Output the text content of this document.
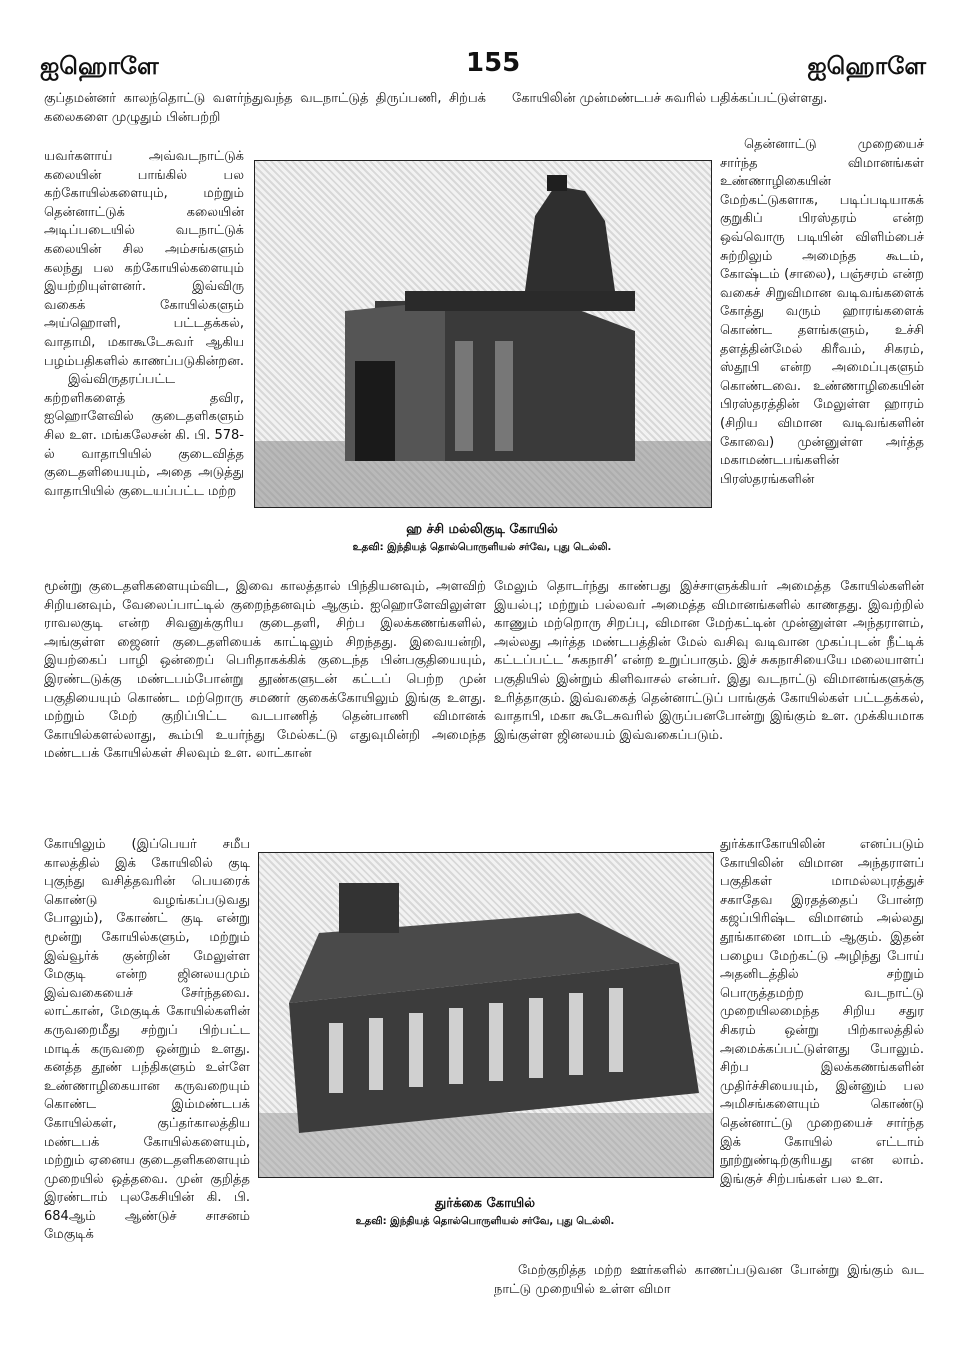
ஐஹொளே	155	ஐஹொளே

குப்தமன்னர் காலந்தொட்டு வளர்ந்துவந்த வடநாட்டுத் திருப்பணி, சிற்பக் கலைகளை முழுதும் பின்பற்றி

கோயிலின் முன்மண்டபச் சுவரில் பதிக்கப்பட்டுள்ளது.

யவர்களாய் அவ்வடநாட்டுக் கலையின் பாங்கில் பல கற்கோயில்களையும், மற்றும் தென்னாட்டுக் கலையின் அடிப்படையில் வடநாட்டுக் கலையின் சில அம்சங்களும் கலந்து பல கற்கோயில்களையும் இயற்றியுள்ளனர். இவ்விரு வகைக் கோயில்களும் அய்ஹொளி, பட்டதக்கல், வாதாமி, மகாகூடேசுவர் ஆகிய பழம்பதிகளில் காணப்படுகின்றன.

இவ்விருதரப்பட்ட கற்றளிகளைத் தவிர, ஐஹொளேவில் குடைதளிகளும் சில உள. மங்கலேசன் கி. பி. 578-ல் வாதாபியில் குடைவித்த குடைதளியையும், அதை அடுத்து வாதாபியில் குடையப்பட்ட மற்ற

தென்னாட்டு முறையைச் சார்ந்த விமானங்கள் உண்ணாழிகையின் மேற்கட்டுகளாக, படிப்படியாகக் குறுகிப் பிரஸ்தரம் என்ற ஒவ்வொரு படியின் விளிம்பைச் சுற்றிலும் அமைந்த கூடம், கோஷ்டம் (சாலை), பஞ்சரம் என்ற வகைச் சிறுவிமான வடிவங்களைக் கோத்து வரும் ஹாரங்களைக் கொண்ட தளங்களும், உச்சி தளத்தின்மேல் கிரீவம், சிகரம், ஸ்தூபி என்ற அமைப்புகளும் கொண்டவை. உண்ணாழிகையின் பிரஸ்தரத்தின் மேலுள்ள ஹாரம் (சிறிய விமான வடிவங்களின் கோவை) முன்னுள்ள அர்த்த மகாமண்டபங்களின் பிரஸ்தரங்களின்

ஹ ச்சி மல்லிகுடி கோயில்

உதவி: இந்தியத் தொல்பொருளியல் சர்வே, புது டெல்லி.

மூன்று குடைதளிகளையும்விட, இவை காலத்தால் பிந்தியனவும், அளவிற் சிறியனவும், வேலைப்பாட்டில் குறைந்தனவும் ஆகும். ஐஹொளேவிலுள்ள ராவலகுடி என்ற சிவனுக்குரிய குடைதளி, சிற்ப இலக்கணங்களில், அங்குள்ள ஜைனர் குடைதளியைக் காட்டிலும் சிறந்தது. இவையன்றி, இயற்கைப் பாழி ஒன்றைப் பெரிதாகக்கிக் குடைந்த பின்பகுதியையும், இரண்டடுக்கு மண்டபம்போன்று தூண்களுடன் கட்டப் பெற்ற முன் பகுதியையும் கொண்ட மற்றொரு சமணர் குகைக்கோயிலும் இங்கு உளது. மற்றும் மேற் குறிப்பிட்ட வடபாணித் தென்பாணி விமானக் கோயில்களல்லாது, கூம்பி உயர்ந்து மேல்கட்டு எதுவுமின்றி அமைந்த மண்டபக் கோயில்கள் சிலவும் உள. லாட்கான்

மேலும் தொடர்ந்து காண்பது இச்சாளுக்கியர் அமைத்த கோயில்களின் இயல்பு; மற்றும் பல்லவர் அமைத்த விமானங்களில் காணதது. இவற்றில் காணும் மற்றொரு சிறப்பு, விமான மேற்கட்டின் முன்னுள்ள அந்தராளம், அல்லது அர்த்த மண்டபத்தின் மேல் வசிவு வடிவான முகப்புடன் நீட்டிக் கட்டப்பட்ட ‘சுகநாசி’ என்ற உறுப்பாகும். இச் சுகநாசியையே மலையாளப் பகுதியில் இன்றும் கிளிவாசல் என்பர். இது வடநாட்டு விமானங்களுக்கு உரித்தாகும். இவ்வகைத் தென்னாட்டுப் பாங்குக் கோயில்கள் பட்டதக்கல், வாதாபி, மகா கூடேசுவரில் இருப்பனபோன்று இங்கும் உள. முக்கியமாக இங்குள்ள ஜினலயம் இவ்வகைப்படும்.

கோயிலும் (இப்பெயர் சமீப காலத்தில் இக் கோயிலில் குடி புகுந்து வசித்தவரின் பெயரைக் கொண்டு வழங்கப்படுவது போலும்), கோண்ட் குடி என்று மூன்று கோயில்களும், மற்றும் இவ்வூர்க் குன்றின் மேலுள்ள மேகுடி என்ற ஜினலயமும் இவ்வகையைச் சேர்ந்தவை. லாட்கான், மேகுடிக் கோயில்களின் கருவறைமீது சற்றுப் பிற்பட்ட மாடிக் கருவறை ஒன்றும் உளது. கனத்த தூண் பந்திகளும் உள்ளே உண்ணாழிகையான கருவறையும் கொண்ட இம்மண்டபக் கோயில்கள், குப்தர்காலத்திய மண்டபக் கோயில்களையும், மற்றும் ஏனைய குடைதளிகளையும் முறையில் ஒத்தவை. முன் குறித்த இரண்டாம் புலகேசியின் கி. பி. 684ஆம் ஆண்டுச் சாசனம் மேகுடிக்

துர்க்கை கோயில்

உதவி: இந்தியத் தொல்பொருளியல் சர்வே, புது டெல்லி.

துர்க்காகோயிலின் எனப்படும் கோயிலின் விமான அந்தராளப் பகுதிகள் மாமல்லபுரத்துச் சகாதேவ இரதத்தைப் போன்ற கஜப்பிரிஷ்ட விமானம் அல்லது தூங்கானை மாடம் ஆகும். இதன் பழைய மேற்கட்டு அழிந்து போய் அதனிடத்தில் சற்றும் பொருத்தமற்ற வடநாட்டு முறையிலமைந்த சிறிய சதுர சிகரம் ஒன்று பிற்காலத்தில் அமைக்கப்பட்டுள்ளது போலும். சிற்ப இலக்கணங்களின் முதிர்ச்சியையும், இன்னும் பல அமிசங்களையும் கொண்டு தென்னாட்டு முறையைச் சார்ந்த இக் கோயில் எட்டாம் நூற்றுண்டிற்குரியது என லாம். இங்குச் சிற்பங்கள் பல உள.

மேற்குறித்த மற்ற ஊர்களில் காணப்படுவன போன்று இங்கும் வட நாட்டு முறையில் உள்ள விமா
